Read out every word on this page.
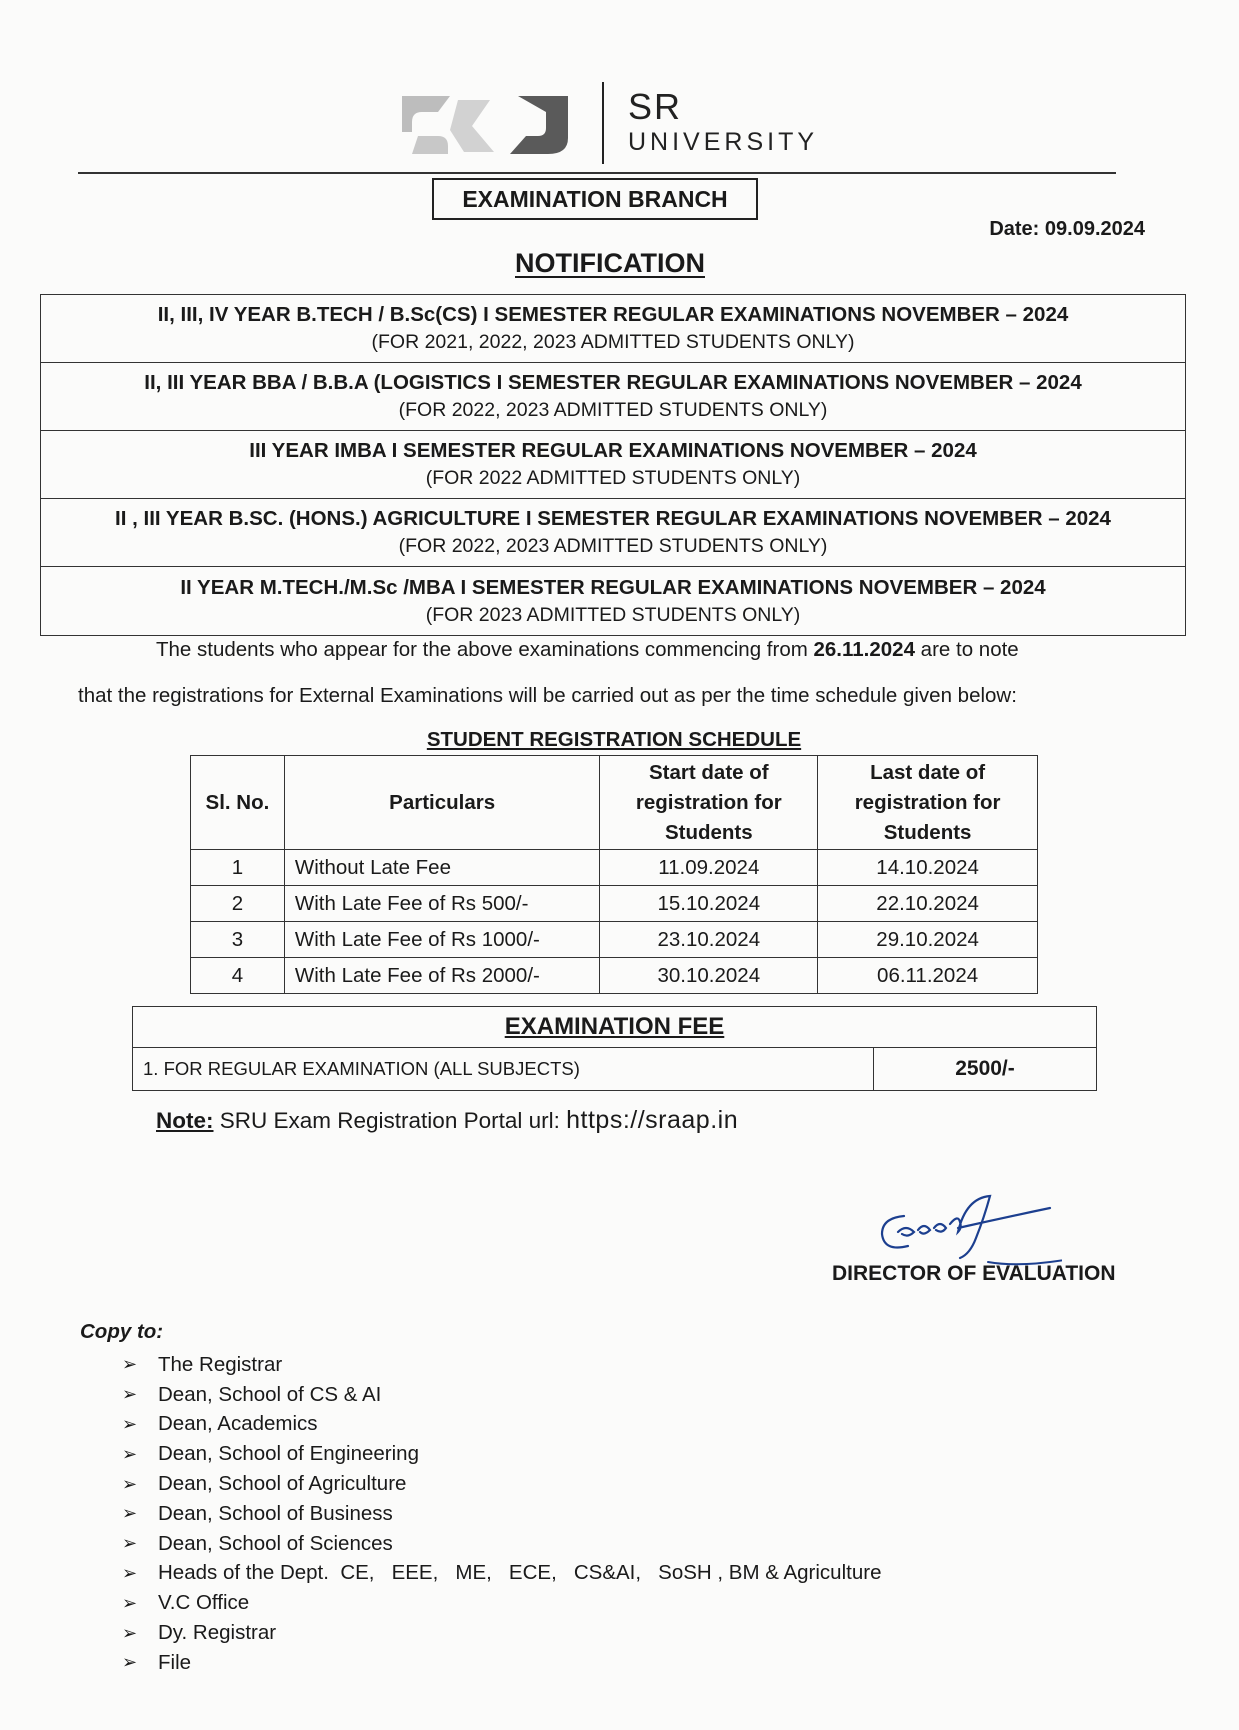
SR
UNIVERSITY
EXAMINATION BRANCH
Date: 09.09.2024
NOTIFICATION
II, III, IV YEAR B.TECH / B.Sc(CS) I SEMESTER REGULAR EXAMINATIONS NOVEMBER – 2024
(FOR 2021, 2022, 2023 ADMITTED STUDENTS ONLY)
II, III YEAR BBA / B.B.A (LOGISTICS I SEMESTER REGULAR EXAMINATIONS NOVEMBER – 2024
(FOR 2022, 2023 ADMITTED STUDENTS ONLY)
III YEAR IMBA I SEMESTER REGULAR EXAMINATIONS NOVEMBER – 2024
(FOR 2022 ADMITTED STUDENTS ONLY)
II , III YEAR B.SC. (HONS.) AGRICULTURE I SEMESTER REGULAR EXAMINATIONS NOVEMBER – 2024
(FOR 2022, 2023 ADMITTED STUDENTS ONLY)
II YEAR M.TECH./M.Sc /MBA I SEMESTER REGULAR EXAMINATIONS NOVEMBER – 2024
(FOR 2023 ADMITTED STUDENTS ONLY)
The students who appear for the above examinations commencing from 26.11.2024 are to note
that the registrations for External Examinations will be carried out as per the time schedule given below:
STUDENT REGISTRATION SCHEDULE
Sl. No.	Particulars	Start date of registration for Students	Last date of registration for Students
1	Without Late Fee	11.09.2024	14.10.2024
2	With Late Fee of Rs 500/-	15.10.2024	22.10.2024
3	With Late Fee of Rs 1000/-	23.10.2024	29.10.2024
4	With Late Fee of Rs 2000/-	30.10.2024	06.11.2024
EXAMINATION FEE
1. FOR REGULAR EXAMINATION (ALL SUBJECTS)	2500/-
Note: SRU Exam Registration Portal url: https://sraap.in
DIRECTOR OF EVALUATION
Copy to:
➢	The Registrar
➢	Dean, School of CS & AI
➢	Dean, Academics
➢	Dean, School of Engineering
➢	Dean, School of Agriculture
➢	Dean, School of Business
➢	Dean, School of Sciences
➢	Heads of the Dept.  CE,   EEE,   ME,   ECE,   CS&AI,   SoSH , BM & Agriculture
➢	V.C Office
➢	Dy. Registrar
➢	File
